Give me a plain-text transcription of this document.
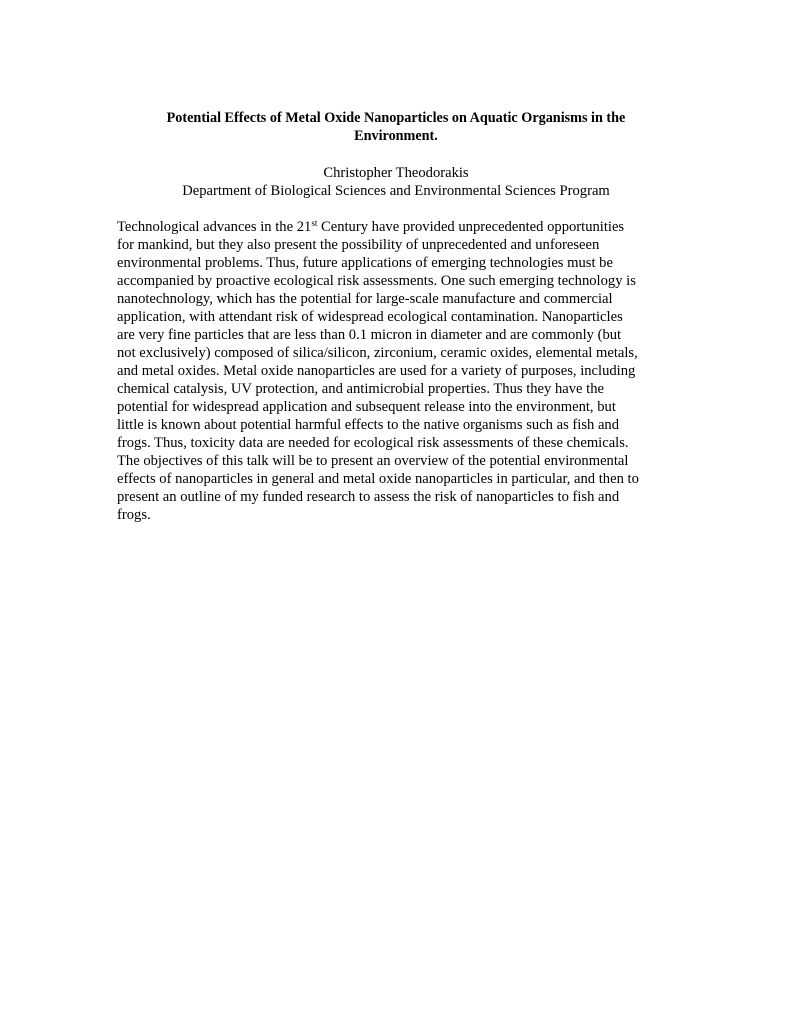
Potential Effects of Metal Oxide Nanoparticles on Aquatic Organisms in the
Environment.

Christopher Theodorakis

Department of Biological Sciences and Environmental Sciences Program

Technological advances in the 21st Century have provided unprecedented opportunities
for mankind, but they also present the possibility of unprecedented and unforeseen
environmental problems. Thus, future applications of emerging technologies must be
accompanied by proactive ecological risk assessments. One such emerging technology is
nanotechnology, which has the potential for large-scale manufacture and commercial
application, with attendant risk of widespread ecological contamination. Nanoparticles
are very fine particles that are less than 0.1 micron in diameter and are commonly (but
not exclusively) composed of silica/silicon, zirconium, ceramic oxides, elemental metals,
and metal oxides. Metal oxide nanoparticles are used for a variety of purposes, including
chemical catalysis, UV protection, and antimicrobial properties. Thus they have the
potential for widespread application and subsequent release into the environment, but
little is known about potential harmful effects to the native organisms such as fish and
frogs. Thus, toxicity data are needed for ecological risk assessments of these chemicals.
The objectives of this talk will be to present an overview of the potential environmental
effects of nanoparticles in general and metal oxide nanoparticles in particular, and then to
present an outline of my funded research to assess the risk of nanoparticles to fish and
frogs.
